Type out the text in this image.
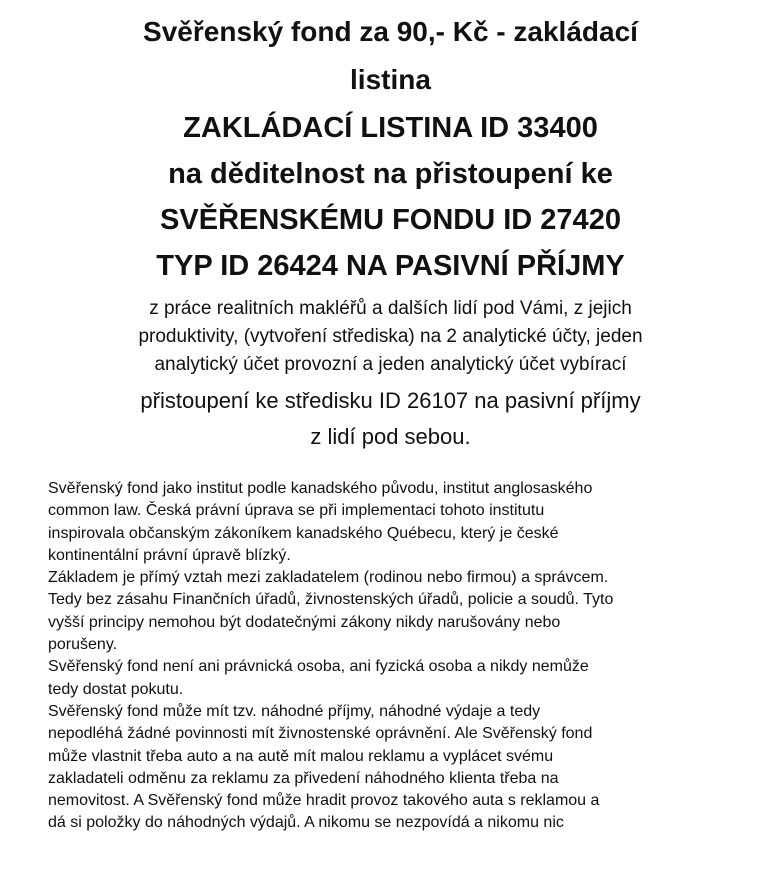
Svěřenský fond za 90,- Kč - zakládací
listina
ZAKLÁDACÍ LISTINA ID 33400
na děditelnost na přistoupení ke
SVĚŘENSKÉMU FONDU ID 27420
TYP ID 26424 NA PASIVNÍ PŘÍJMY

z práce realitních makléřů a dalších lidí pod Vámi, z jejich

produktivity, (vytvoření střediska) na 2 analytické účty, jeden

analytický účet provozní a jeden analytický účet vybírací

přistoupení ke středisku ID 26107 na pasivní příjmy

z lidí pod sebou.

Svěřenský fond jako institut podle kanadského původu, institut anglosaského
common law. Česká právní úprava se při implementaci tohoto institutu
inspirovala občanským zákoníkem kanadského Québecu, který je české
kontinentální právní úpravě blízký.
Základem je přímý vztah mezi zakladatelem (rodinou nebo firmou) a správcem.
Tedy bez zásahu Finančních úřadů, živnostenských úřadů, policie a soudů. Tyto
vyšší principy nemohou být dodatečnými zákony nikdy narušovány nebo
porušeny.
Svěřenský fond není ani právnická osoba, ani fyzická osoba a nikdy nemůže
tedy dostat pokutu.
Svěřenský fond může mít tzv. náhodné příjmy, náhodné výdaje a tedy
nepodléhá žádné povinnosti mít živnostenské oprávnění. Ale Svěřenský fond
může vlastnit třeba auto a na autě mít malou reklamu a vyplácet svému
zakladateli odměnu za reklamu za přivedení náhodného klienta třeba na
nemovitost. A Svěřenský fond může hradit provoz takového auta s reklamou a
dá si položky do náhodných výdajů. A nikomu se nezpovídá a nikomu nic
